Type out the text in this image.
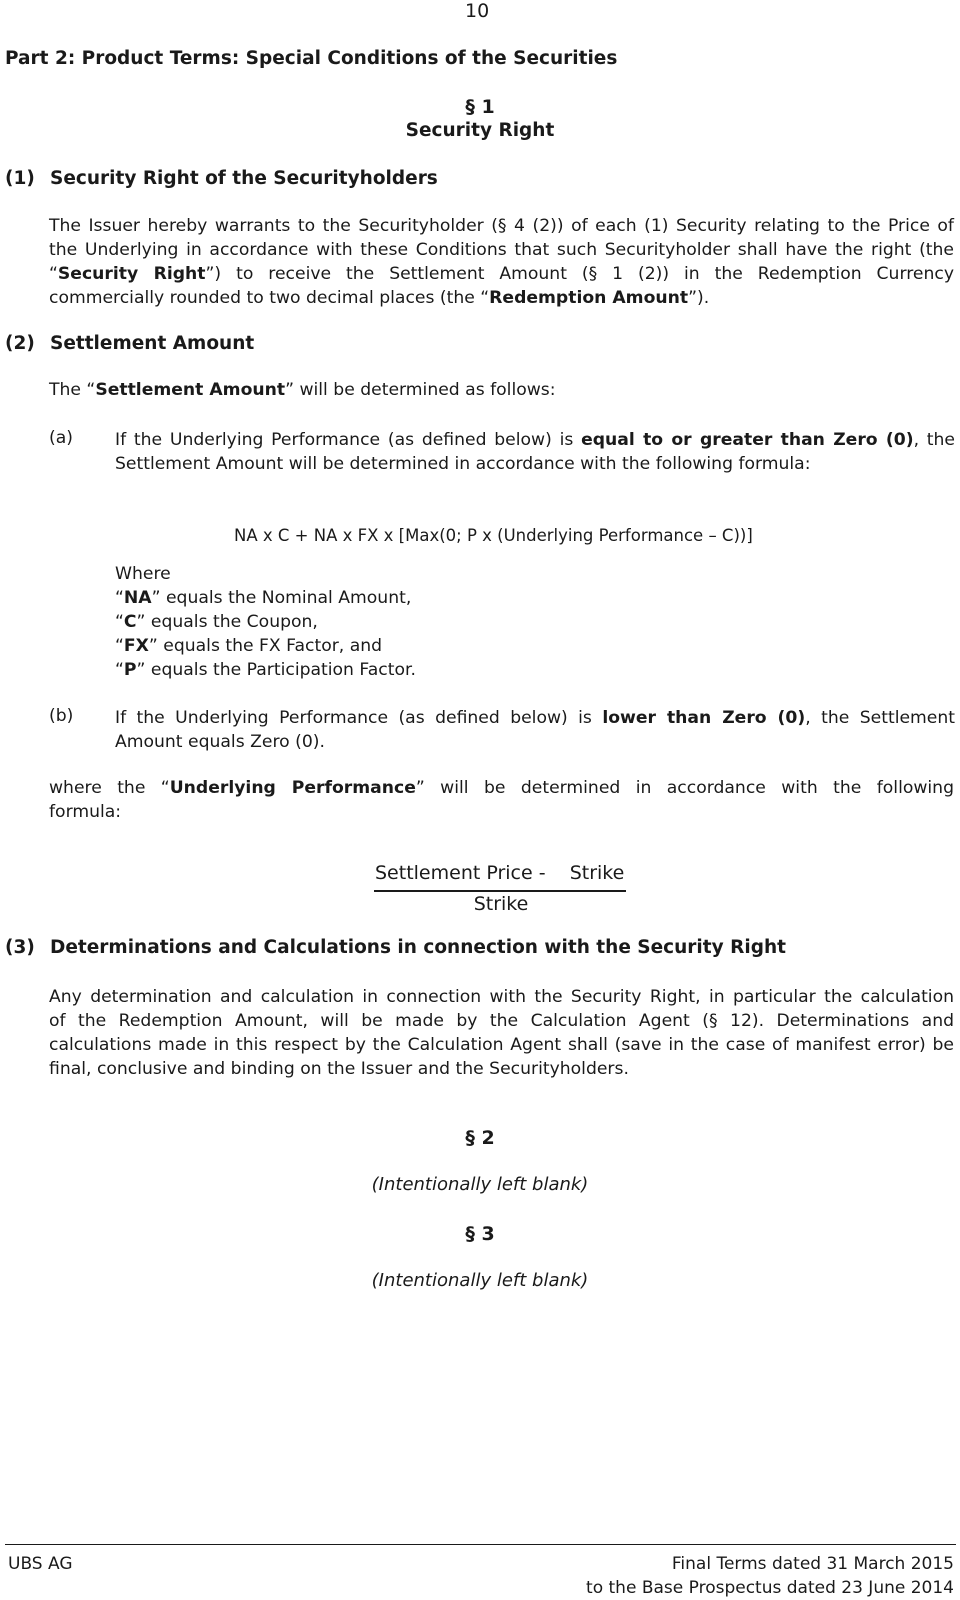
10
Part 2: Product Terms: Special Conditions of the Securities
§ 1
Security Right
(1) Security Right of the Securityholders
The Issuer hereby warrants to the Securityholder (§ 4 (2)) of each (1) Security relating to the Price of
the Underlying in accordance with these Conditions that such Securityholder shall have the right (the
“Security Right”) to receive the Settlement Amount (§ 1 (2)) in the Redemption Currency
commercially rounded to two decimal places (the “Redemption Amount”).
(2) Settlement Amount
The “Settlement Amount” will be determined as follows:
(a) If the Underlying Performance (as defined below) is equal to or greater than Zero (0), the
Settlement Amount will be determined in accordance with the following formula:
NA x C + NA x FX x [Max(0; P x (Underlying Performance – C))]
Where
“NA” equals the Nominal Amount,
“C” equals the Coupon,
“FX” equals the FX Factor, and
“P” equals the Participation Factor.
(b) If the Underlying Performance (as defined below) is lower than Zero (0), the Settlement
Amount equals Zero (0).
where the “Underlying Performance” will be determined in accordance with the following
formula:
Settlement Price - Strike
Strike
(3) Determinations and Calculations in connection with the Security Right
Any determination and calculation in connection with the Security Right, in particular the calculation
of the Redemption Amount, will be made by the Calculation Agent (§ 12). Determinations and
calculations made in this respect by the Calculation Agent shall (save in the case of manifest error) be
final, conclusive and binding on the Issuer and the Securityholders.
§ 2
(Intentionally left blank)
§ 3
(Intentionally left blank)
UBS AG	Final Terms dated 31 March 2015
to the Base Prospectus dated 23 June 2014
